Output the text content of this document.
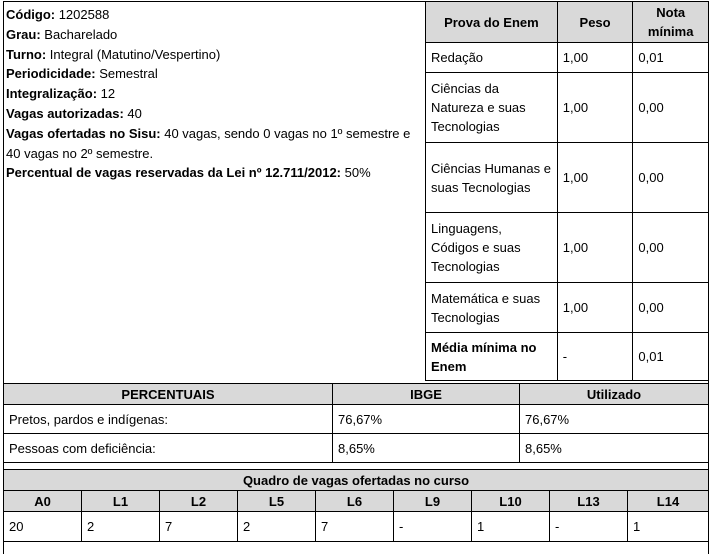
Código: 1202588
Grau: Bacharelado
Turno: Integral (Matutino/Vespertino)
Periodicidade: Semestral
Integralização: 12
Vagas autorizadas: 40
Vagas ofertadas no Sisu: 40 vagas, sendo 0 vagas no 1º semestre e 40 vagas no 2º semestre.
Percentual de vagas reservadas da Lei nº 12.711/2012: 50%
Prova do Enem	Peso	Nota mínima
Redação	1,00	0,01
Ciências da Natureza e suas Tecnologias	1,00	0,00
Ciências Humanas e suas Tecnologias	1,00	0,00
Linguagens, Códigos e suas Tecnologias	1,00	0,00
Matemática e suas Tecnologias	1,00	0,00
Média mínima no Enem	-	0,01
PERCENTUAIS	IBGE	Utilizado
Pretos, pardos e indígenas:	76,67%	76,67%
Pessoas com deficiência:	8,65%	8,65%
Quadro de vagas ofertadas no curso								
A0	L1	L2	L5	L6	L9	L10	L13	L14
20	2	7	2	7	-	1	-	1
